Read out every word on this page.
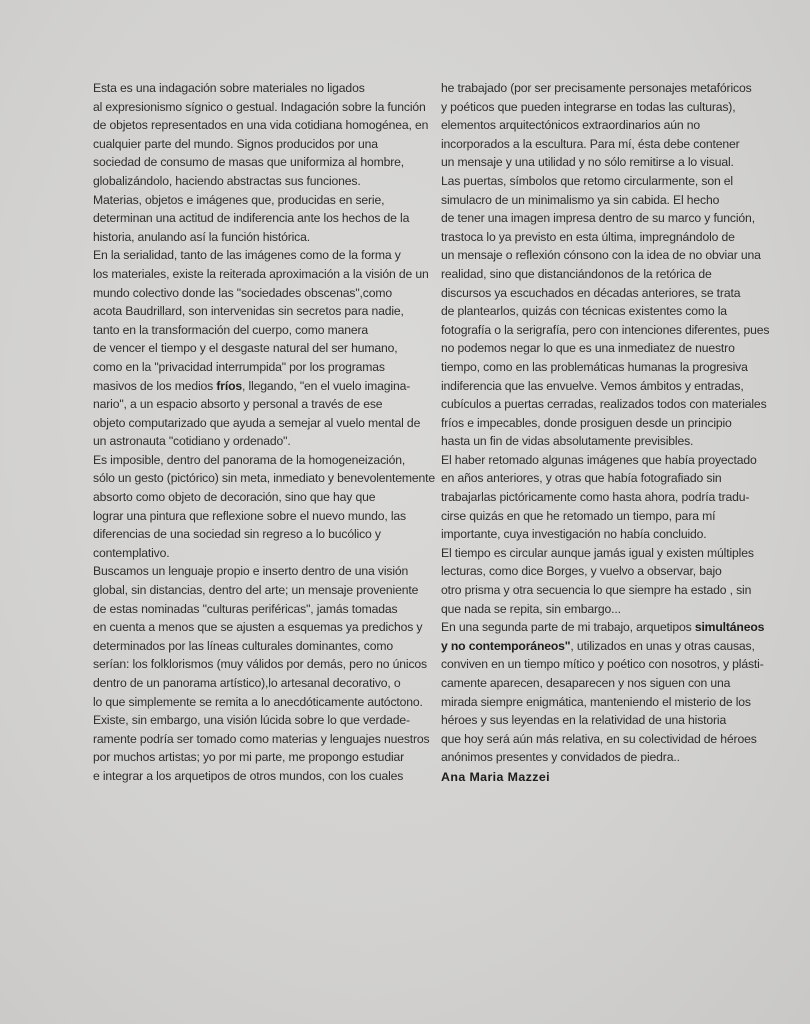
Esta es una indagación sobre materiales no ligados
al expresionismo sígnico o gestual. Indagación sobre la función
de objetos representados en una vida cotidiana homogénea, en
cualquier parte del mundo. Signos producidos por una
sociedad de consumo de masas que uniformiza al hombre,
globalizándolo, haciendo abstractas sus funciones.
Materias, objetos e imágenes que, producidas en serie,
determinan una actitud de indiferencia ante los hechos de la
historia, anulando así la función histórica.
En la serialidad, tanto de las imágenes como de la forma y
los materiales, existe la reiterada aproximación a la visión de un
mundo colectivo donde las "sociedades obscenas",como
acota Baudrillard, son intervenidas sin secretos para nadie,
tanto en la transformación del cuerpo, como manera
de vencer el tiempo y el desgaste natural del ser humano,
como en la "privacidad interrumpida" por los programas
masivos de los medios fríos, llegando, "en el vuelo imagina-
nario", a un espacio absorto y personal a través de ese
objeto computarizado que ayuda a semejar al vuelo mental de
un astronauta "cotidiano y ordenado".
Es imposible, dentro del panorama de la homogeneización,
sólo un gesto (pictórico) sin meta, inmediato y benevolentemente
absorto como objeto de decoración, sino que hay que
lograr una pintura que reflexione sobre el nuevo mundo, las
diferencias de una sociedad sin regreso a lo bucólico y
contemplativo.
Buscamos un lenguaje propio e inserto dentro de una visión
global, sin distancias, dentro del arte; un mensaje proveniente
de estas nominadas "culturas periféricas", jamás tomadas
en cuenta a menos que se ajusten a esquemas ya predichos y
determinados por las líneas culturales dominantes, como
serían: los folklorismos (muy válidos por demás, pero no únicos
dentro de un panorama artístico),lo artesanal decorativo, o
lo que simplemente se remita a lo anecdóticamente autóctono.
Existe, sin embargo, una visión lúcida sobre lo que verdade-
ramente podría ser tomado como materias y lenguajes nuestros
por muchos artistas; yo por mi parte, me propongo estudiar
e integrar a los arquetipos de otros mundos, con los cuales
he trabajado (por ser precisamente personajes metafóricos
y poéticos que pueden integrarse en todas las culturas),
elementos arquitectónicos extraordinarios aún no
incorporados a la escultura. Para mí, ésta debe contener
un mensaje y una utilidad y no sólo remitirse a lo visual.
Las puertas, símbolos que retomo circularmente, son el
simulacro de un minimalismo ya sin cabida. El hecho
de tener una imagen impresa dentro de su marco y función,
trastoca lo ya previsto en esta última, impregnándolo de
un mensaje o reflexión cónsono con la idea de no obviar una
realidad, sino que distanciándonos de la retórica de
discursos ya escuchados en décadas anteriores, se trata
de plantearlos, quizás con técnicas existentes como la
fotografía o la serigrafía, pero con intenciones diferentes, pues
no podemos negar lo que es una inmediatez de nuestro
tiempo, como en las problemáticas humanas la progresiva
indiferencia que las envuelve. Vemos ámbitos y entradas,
cubículos a puertas cerradas, realizados todos con materiales
fríos e impecables, donde prosiguen desde un principio
hasta un fin de vidas absolutamente previsibles.
El haber retomado algunas imágenes que había proyectado
en años anteriores, y otras que había fotografiado sin
trabajarlas pictóricamente como hasta ahora, podría tradu-
cirse quizás en que he retomado un tiempo, para mí
importante, cuya investigación no había concluido.
El tiempo es circular aunque jamás igual y existen múltiples
lecturas, como dice Borges, y vuelvo a observar, bajo
otro prisma y otra secuencia lo que siempre ha estado , sin
que nada se repita, sin embargo...
En una segunda parte de mi trabajo, arquetipos simultáneos
y no contemporáneos", utilizados en unas y otras causas,
conviven en un tiempo mítico y poético con nosotros, y plásti-
camente aparecen, desaparecen y nos siguen con una
mirada siempre enigmática, manteniendo el misterio de los
héroes y sus leyendas en la relatividad de una historia
que hoy será aún más relativa, en su colectividad de héroes
anónimos presentes y convidados de piedra..
Ana Maria Mazzei
